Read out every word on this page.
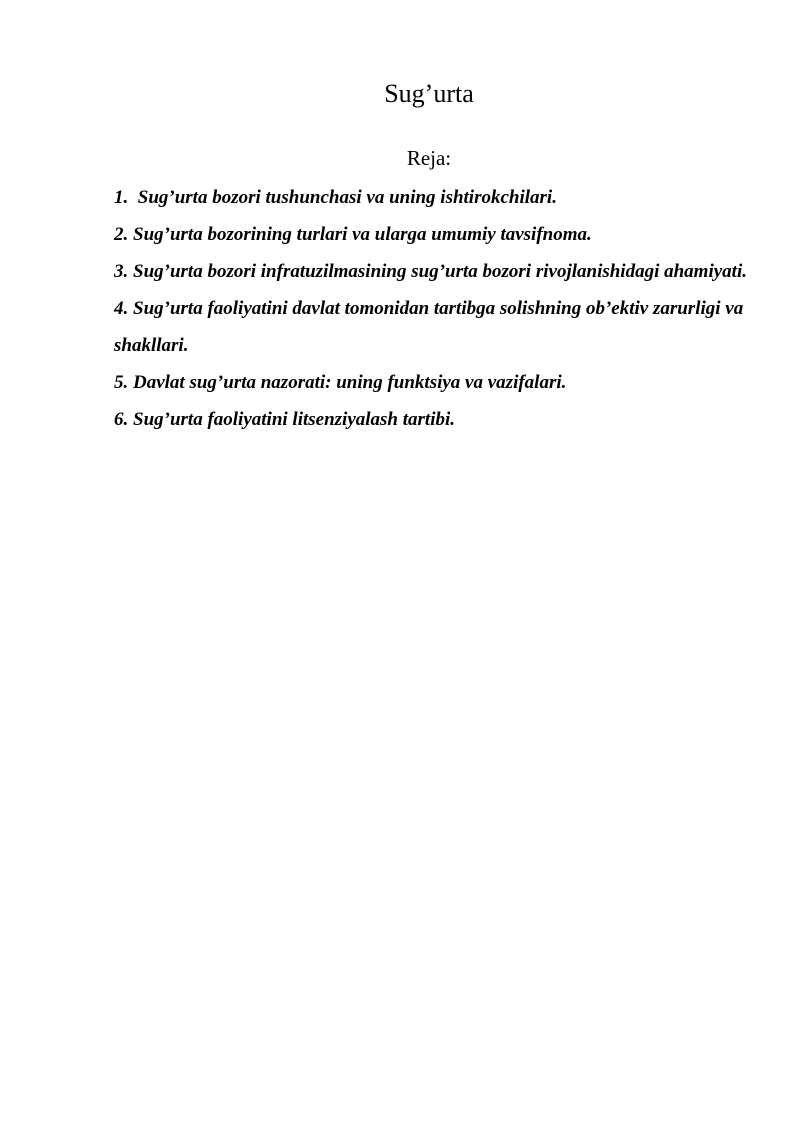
Sug’urta

Reja:

1.  Sug’urta bozori tushunchasi va uning ishtirokchilari.
2. Sug’urta bozorining turlari va ularga umumiy tavsifnoma.
3. Sug’urta bozori infratuzilmasining sug’urta bozori rivojlanishidagi ahamiyati.
4. Sug’urta faoliyatini davlat tomonidan tartibga solishning ob’ektiv zarurligi va shakllari.
5. Davlat sug’urta nazorati: uning funktsiya va vazifalari.
6. Sug’urta faoliyatini litsenziyalash tartibi.
